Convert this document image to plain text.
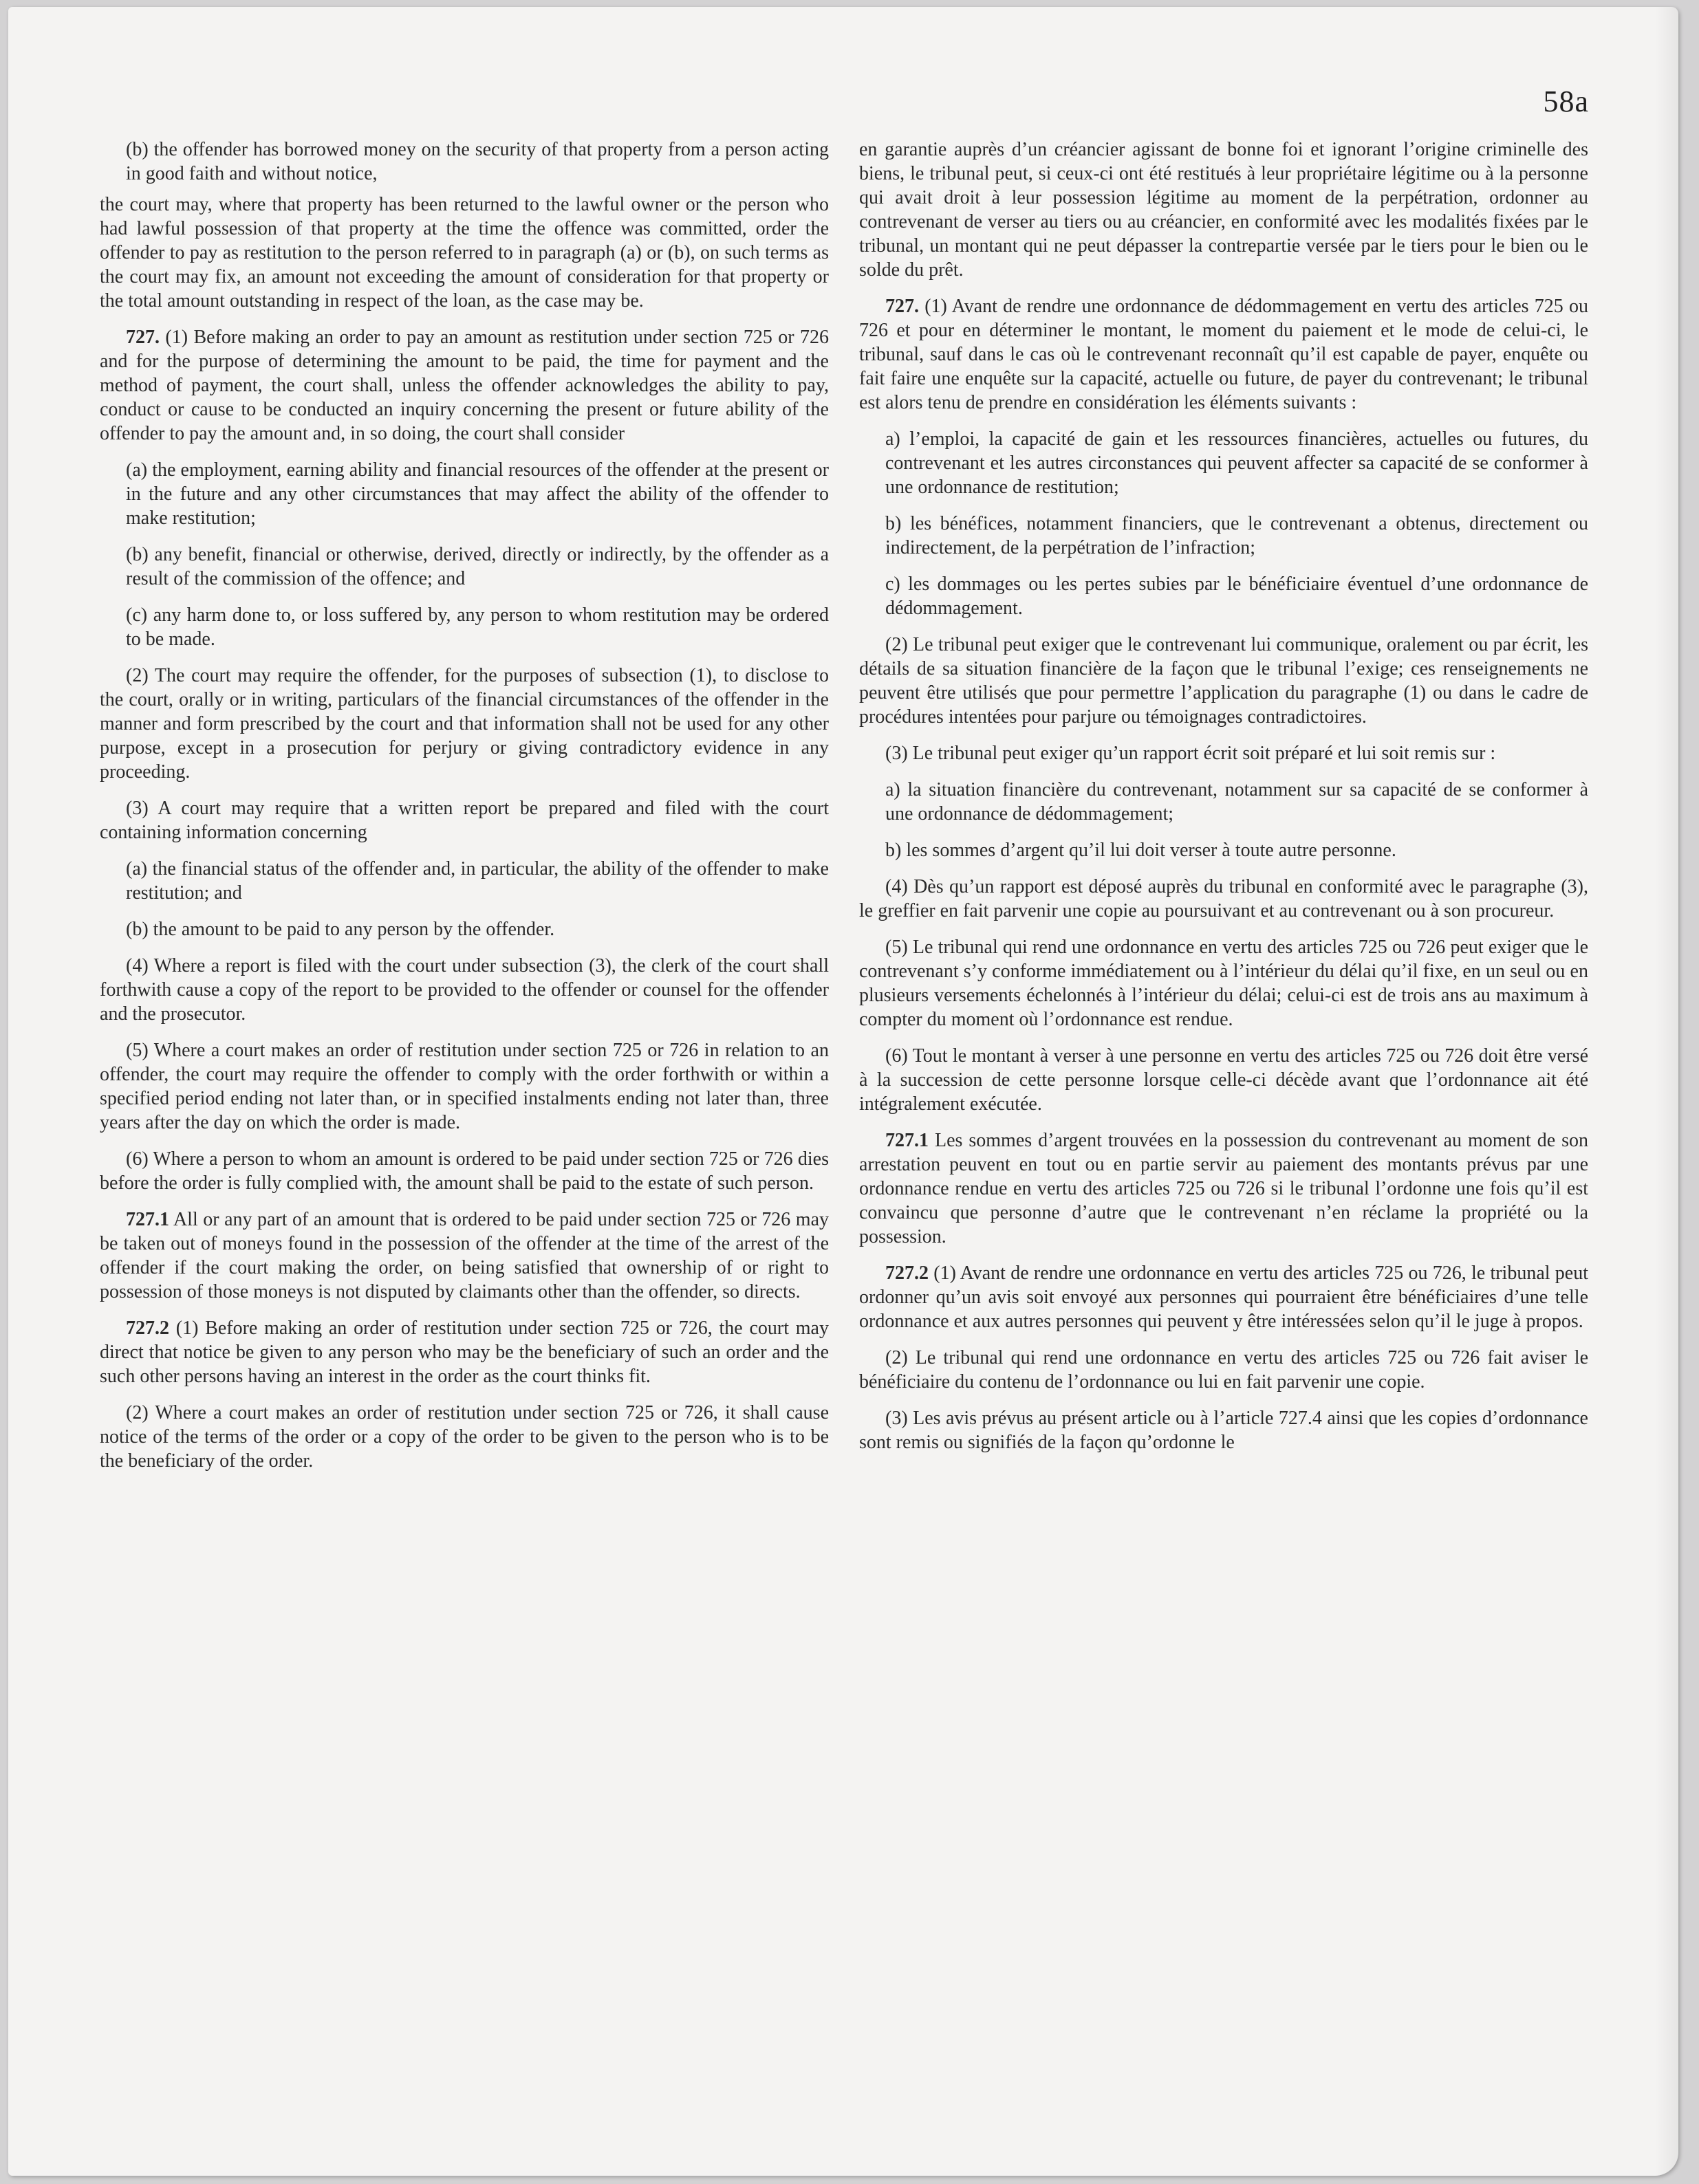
58a
(b) the offender has borrowed money on the security of that property from a person acting in good faith and without notice,
the court may, where that property has been returned to the lawful owner or the person who had lawful possession of that property at the time the offence was committed, order the offender to pay as restitution to the person referred to in paragraph (a) or (b), on such terms as the court may fix, an amount not exceeding the amount of consideration for that property or the total amount outstanding in respect of the loan, as the case may be.
727. (1) Before making an order to pay an amount as restitution under section 725 or 726 and for the purpose of determining the amount to be paid, the time for payment and the method of payment, the court shall, unless the offender acknowledges the ability to pay, conduct or cause to be conducted an inquiry concerning the present or future ability of the offender to pay the amount and, in so doing, the court shall consider
(a) the employment, earning ability and financial resources of the offender at the present or in the future and any other circumstances that may affect the ability of the offender to make restitution;
(b) any benefit, financial or otherwise, derived, directly or indirectly, by the offender as a result of the commission of the offence; and
(c) any harm done to, or loss suffered by, any person to whom restitution may be ordered to be made.
(2) The court may require the offender, for the purposes of subsection (1), to disclose to the court, orally or in writing, particulars of the financial circumstances of the offender in the manner and form prescribed by the court and that information shall not be used for any other purpose, except in a prosecution for perjury or giving contradictory evidence in any proceeding.
(3) A court may require that a written report be prepared and filed with the court containing information concerning
(a) the financial status of the offender and, in particular, the ability of the offender to make restitution; and
(b) the amount to be paid to any person by the offender.
(4) Where a report is filed with the court under subsection (3), the clerk of the court shall forthwith cause a copy of the report to be provided to the offender or counsel for the offender and the prosecutor.
(5) Where a court makes an order of restitution under section 725 or 726 in relation to an offender, the court may require the offender to comply with the order forthwith or within a specified period ending not later than, or in specified instalments ending not later than, three years after the day on which the order is made.
(6) Where a person to whom an amount is ordered to be paid under section 725 or 726 dies before the order is fully complied with, the amount shall be paid to the estate of such person.
727.1 All or any part of an amount that is ordered to be paid under section 725 or 726 may be taken out of moneys found in the possession of the offender at the time of the arrest of the offender if the court making the order, on being satisfied that ownership of or right to possession of those moneys is not disputed by claimants other than the offender, so directs.
727.2 (1) Before making an order of restitution under section 725 or 726, the court may direct that notice be given to any person who may be the beneficiary of such an order and the such other persons having an interest in the order as the court thinks fit.
(2) Where a court makes an order of restitution under section 725 or 726, it shall cause notice of the terms of the order or a copy of the order to be given to the person who is to be the beneficiary of the order.
en garantie auprès d’un créancier agissant de bonne foi et ignorant l’origine criminelle des biens, le tribunal peut, si ceux-ci ont été restitués à leur propriétaire légitime ou à la personne qui avait droit à leur possession légitime au moment de la perpétration, ordonner au contrevenant de verser au tiers ou au créancier, en conformité avec les modalités fixées par le tribunal, un montant qui ne peut dépasser la contrepartie versée par le tiers pour le bien ou le solde du prêt.
727. (1) Avant de rendre une ordonnance de dédommagement en vertu des articles 725 ou 726 et pour en déterminer le montant, le moment du paiement et le mode de celui-ci, le tribunal, sauf dans le cas où le contrevenant reconnaît qu’il est capable de payer, enquête ou fait faire une enquête sur la capacité, actuelle ou future, de payer du contrevenant; le tribunal est alors tenu de prendre en considération les éléments suivants :
a) l’emploi, la capacité de gain et les ressources financières, actuelles ou futures, du contrevenant et les autres circonstances qui peuvent affecter sa capacité de se conformer à une ordonnance de restitution;
b) les bénéfices, notamment financiers, que le contrevenant a obtenus, directement ou indirectement, de la perpétration de l’infraction;
c) les dommages ou les pertes subies par le bénéficiaire éventuel d’une ordonnance de dédommagement.
(2) Le tribunal peut exiger que le contrevenant lui communique, oralement ou par écrit, les détails de sa situation financière de la façon que le tribunal l’exige; ces renseignements ne peuvent être utilisés que pour permettre l’application du paragraphe (1) ou dans le cadre de procédures intentées pour parjure ou témoignages contradictoires.
(3) Le tribunal peut exiger qu’un rapport écrit soit préparé et lui soit remis sur :
a) la situation financière du contrevenant, notamment sur sa capacité de se conformer à une ordonnance de dédommagement;
b) les sommes d’argent qu’il lui doit verser à toute autre personne.
(4) Dès qu’un rapport est déposé auprès du tribunal en conformité avec le paragraphe (3), le greffier en fait parvenir une copie au poursuivant et au contrevenant ou à son procureur.
(5) Le tribunal qui rend une ordonnance en vertu des articles 725 ou 726 peut exiger que le contrevenant s’y conforme immédiatement ou à l’intérieur du délai qu’il fixe, en un seul ou en plusieurs versements échelonnés à l’intérieur du délai; celui-ci est de trois ans au maximum à compter du moment où l’ordonnance est rendue.
(6) Tout le montant à verser à une personne en vertu des articles 725 ou 726 doit être versé à la succession de cette personne lorsque celle-ci décède avant que l’ordonnance ait été intégralement exécutée.
727.1 Les sommes d’argent trouvées en la possession du contrevenant au moment de son arrestation peuvent en tout ou en partie servir au paiement des montants prévus par une ordonnance rendue en vertu des articles 725 ou 726 si le tribunal l’ordonne une fois qu’il est convaincu que personne d’autre que le contrevenant n’en réclame la propriété ou la possession.
727.2 (1) Avant de rendre une ordonnance en vertu des articles 725 ou 726, le tribunal peut ordonner qu’un avis soit envoyé aux personnes qui pourraient être bénéficiaires d’une telle ordonnance et aux autres personnes qui peuvent y être intéressées selon qu’il le juge à propos.
(2) Le tribunal qui rend une ordonnance en vertu des articles 725 ou 726 fait aviser le bénéficiaire du contenu de l’ordonnance ou lui en fait parvenir une copie.
(3) Les avis prévus au présent article ou à l’article 727.4 ainsi que les copies d’ordonnance sont remis ou signifiés de la façon qu’ordonne le
